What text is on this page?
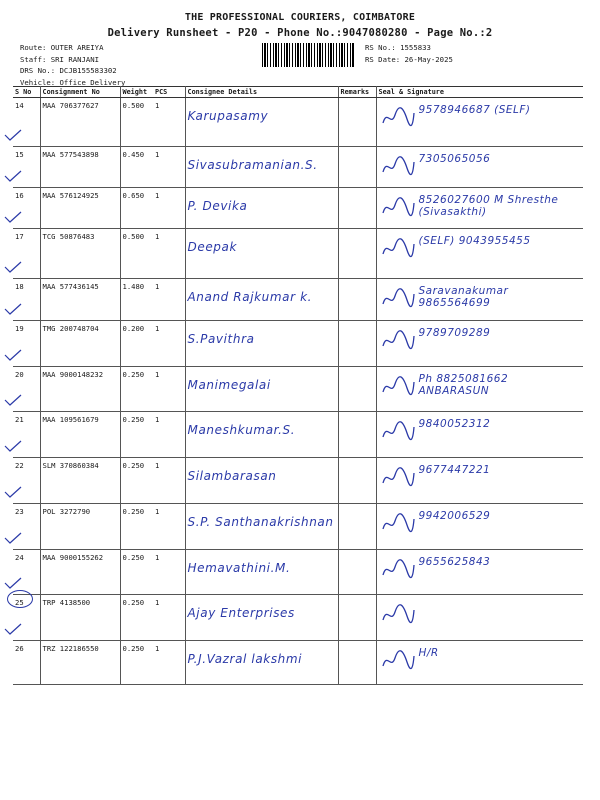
THE PROFESSIONAL COURIERS, COIMBATORE
Delivery Runsheet - P20 - Phone No.:9047080280 - Page No.:2
Route: OUTER AREIYA
Staff: SRI RANJANI
DRS No.: DCJB155583302
Vehicle: Office Delivery
RS No.: 1555833
RS Date: 26-May-2025
S No	Consignment No	Weight	PCS	Consignee Details	Remarks	Seal & Signature
14	MAA 706377627	0.500	1	Karupasamy		9578946687 (SELF)

15	MAA 577543898	0.450	1	Sivasubramanian.S.		7305065056

16	MAA 576124925	0.650	1	P. Devika		8526027600 M Shresthe (Sivasakthi)

17	TCG 50876483	0.500	1	Deepak		(SELF) 9043955455

18	MAA 577436145	1.480	1	Anand Rajkumar k.		Saravanakumar 9865564699

19	TMG 200748704	0.200	1	S.Pavithra		9789709289

20	MAA 9000148232	0.250	1	Manimegalai		Ph 8825081662 ANBARASUN

21	MAA 109561679	0.250	1	Maneshkumar.S.		9840052312

22	SLM 370860384	0.250	1	Silambarasan		9677447221

23	POL 3272790	0.250	1	S.P. Santhanakrishnan		9942006529

24	MAA 9000155262	0.250	1	Hemavathini.M.		9655625843

25	TRP 4138500	0.250	1	Ajay Enterprises

26	TRZ 122186550	0.250	1	P.J.Vazral lakshmi		H/R
